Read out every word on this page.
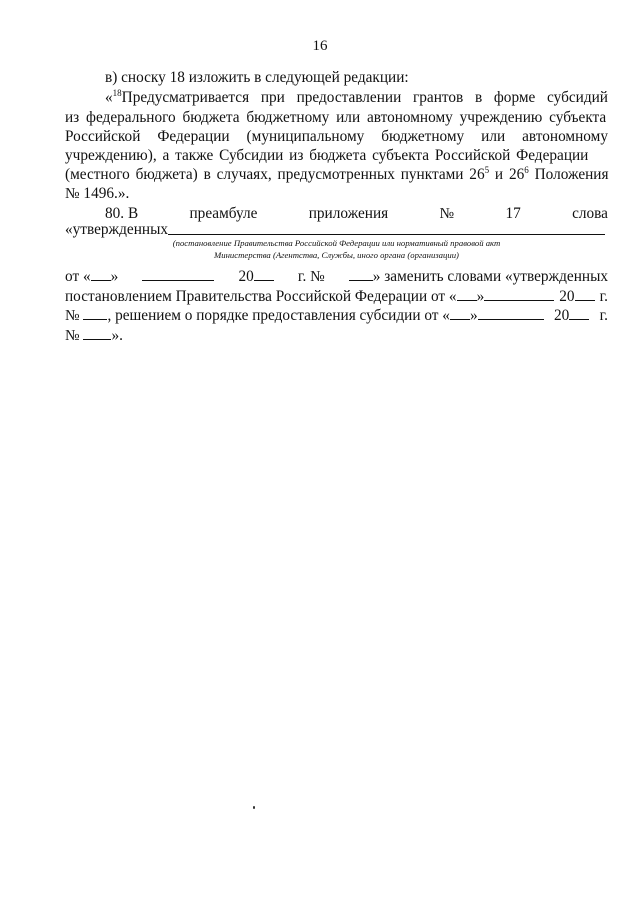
16
в) сноску 18 изложить в следующей редакции:
«$^{18}$Предусматривается при предоставлении грантов в форме субсидий
из федерального бюджета бюджетному или автономному учреждению субъекта
Российской Федерации (муниципальному бюджетному или автономному
учреждению), а также Субсидии из бюджета субъекта Российской Федерации
(местного бюджета) в случаях, предусмотренных пунктами $26^5$ и $26^6$ Положения
№ 1496.».
80. В	преамбуле	приложения	№	17	слова
«утвержденных
(постановление Правительства Российской Федерации или нормативный правовой акт
Министерства (Агентства, Службы, иного органа (организации)
от « »	20	г. №	» заменить словами «утвержденных
постановлением Правительства Российской Федерации от « »	20	г.
№ , решением о порядке предоставления субсидии от « »	20	г.
№ ».
